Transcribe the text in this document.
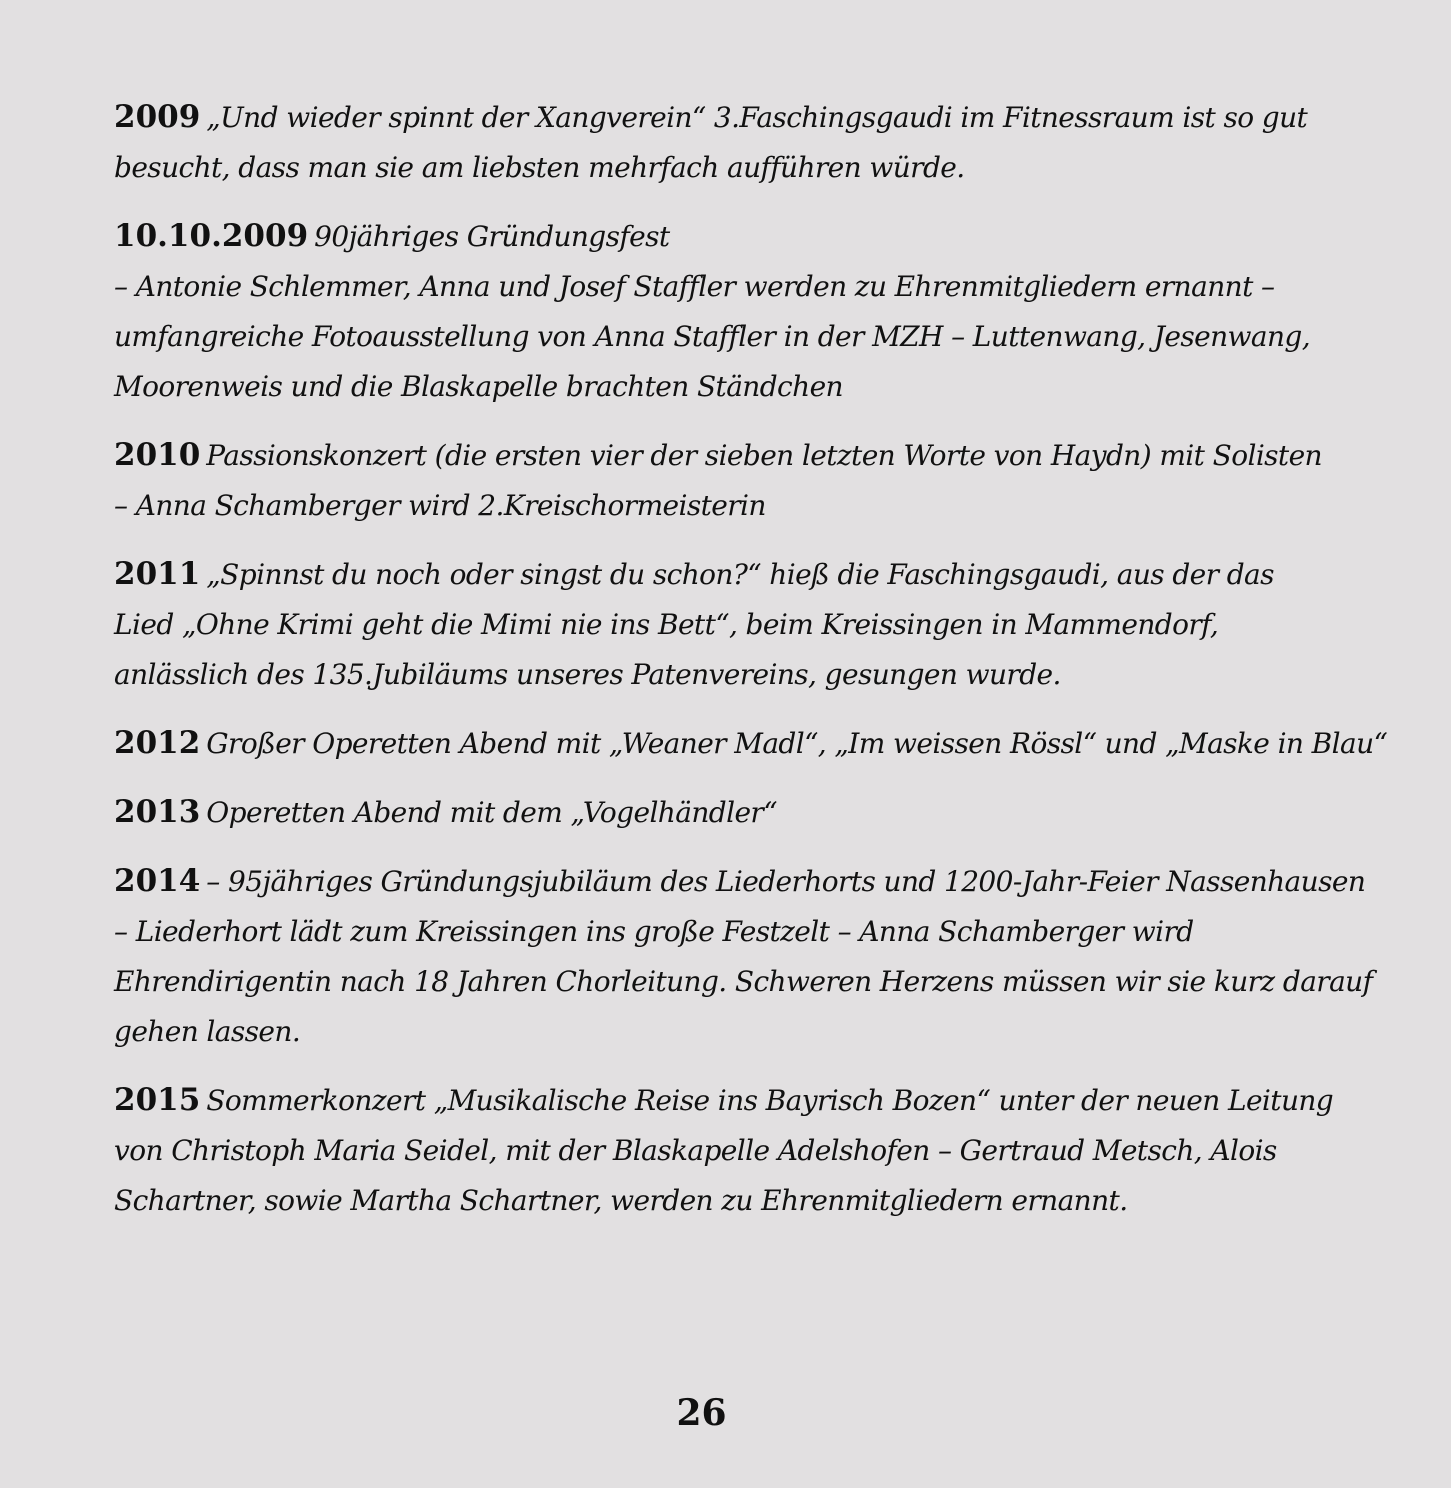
2009 „Und wieder spinnt der Xangverein“ 3.Faschingsgaudi im Fitnessraum ist so gut
besucht, dass man sie am liebsten mehrfach aufführen würde.
10.10.2009 90jähriges Gründungsfest
– Antonie Schlemmer, Anna und Josef Staffler werden zu Ehrenmitgliedern ernannt –
umfangreiche Fotoausstellung von Anna Staffler in der MZH – Luttenwang, Jesenwang,
Moorenweis und die Blaskapelle brachten Ständchen
2010 Passionskonzert (die ersten vier der sieben letzten Worte von Haydn) mit Solisten
– Anna Schamberger wird 2.Kreischormeisterin
2011 „Spinnst du noch oder singst du schon?“ hieß die Faschingsgaudi, aus der das
Lied „Ohne Krimi geht die Mimi nie ins Bett“, beim Kreissingen in Mammendorf,
anlässlich des 135.Jubiläums unseres Patenvereins, gesungen wurde.
2012 Großer Operetten Abend mit „Weaner Madl“, „Im weissen Rössl“ und „Maske in Blau“
2013 Operetten Abend mit dem „Vogelhändler“
2014 – 95jähriges Gründungsjubiläum des Liederhorts und 1200-Jahr-Feier Nassenhausen
– Liederhort lädt zum Kreissingen ins große Festzelt – Anna Schamberger wird
Ehrendirigentin nach 18 Jahren Chorleitung. Schweren Herzens müssen wir sie kurz darauf
gehen lassen.
2015 Sommerkonzert „Musikalische Reise ins Bayrisch Bozen“ unter der neuen Leitung
von Christoph Maria Seidel, mit der Blaskapelle Adelshofen – Gertraud Metsch, Alois
Schartner, sowie Martha Schartner, werden zu Ehrenmitgliedern ernannt.
26
